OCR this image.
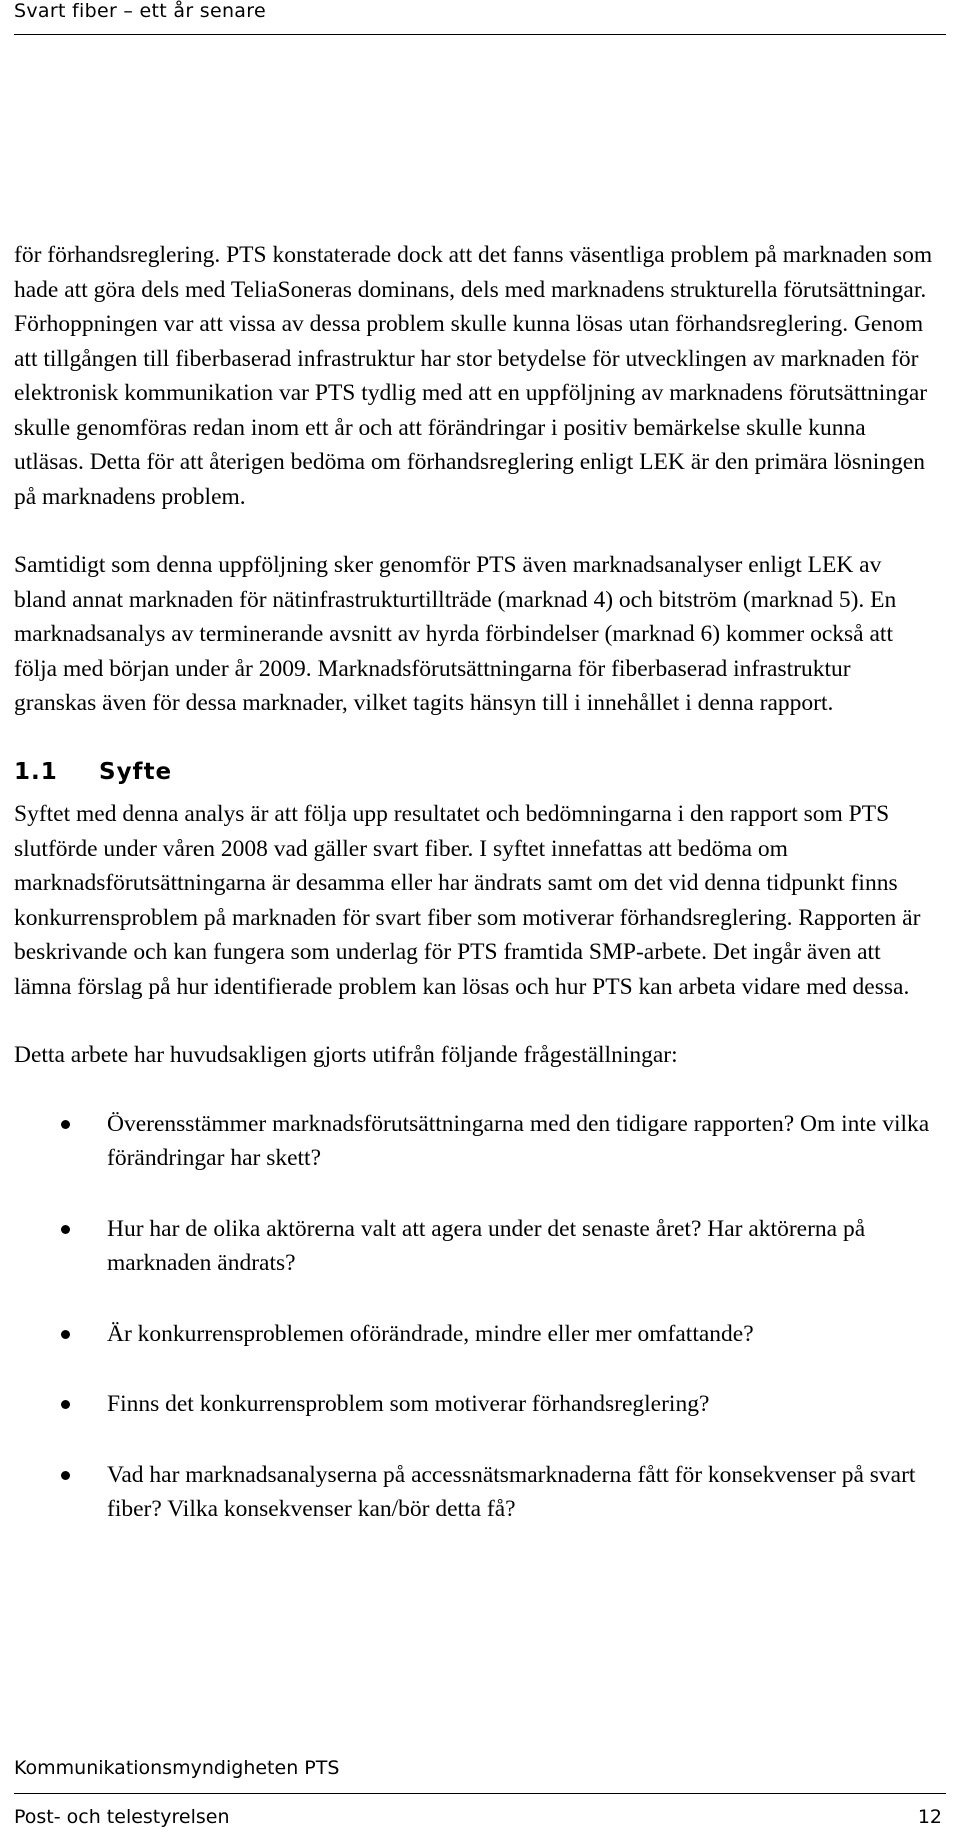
Svart fiber – ett år senare

för förhandsreglering. PTS konstaterade dock att det fanns väsentliga problem på marknaden som hade att göra dels med TeliaSoneras dominans, dels med marknadens strukturella förutsättningar. Förhoppningen var att vissa av dessa problem skulle kunna lösas utan förhandsreglering. Genom att tillgången till fiberbaserad infrastruktur har stor betydelse för utvecklingen av marknaden för elektronisk kommunikation var PTS tydlig med att en uppföljning av marknadens förutsättningar skulle genomföras redan inom ett år och att förändringar i positiv bemärkelse skulle kunna utläsas. Detta för att återigen bedöma om förhandsreglering enligt LEK är den primära lösningen på marknadens problem.

Samtidigt som denna uppföljning sker genomför PTS även marknadsanalyser enligt LEK av bland annat marknaden för nätinfrastrukturtillträde (marknad 4) och bitström (marknad 5). En marknadsanalys av terminerande avsnitt av hyrda förbindelser (marknad 6) kommer också att följa med början under år 2009. Marknadsförutsättningarna för fiberbaserad infrastruktur granskas även för dessa marknader, vilket tagits hänsyn till i innehållet i denna rapport.

1.1 Syfte

Syftet med denna analys är att följa upp resultatet och bedömningarna i den rapport som PTS slutförde under våren 2008 vad gäller svart fiber. I syftet innefattas att bedöma om marknadsförutsättningarna är desamma eller har ändrats samt om det vid denna tidpunkt finns konkurrensproblem på marknaden för svart fiber som motiverar förhandsreglering. Rapporten är beskrivande och kan fungera som underlag för PTS framtida SMP-arbete. Det ingår även att lämna förslag på hur identifierade problem kan lösas och hur PTS kan arbeta vidare med dessa.

Detta arbete har huvudsakligen gjorts utifrån följande frågeställningar:

Överensstämmer marknadsförutsättningarna med den tidigare rapporten? Om inte vilka förändringar har skett?
Hur har de olika aktörerna valt att agera under det senaste året? Har aktörerna på marknaden ändrats?
Är konkurrensproblemen oförändrade, mindre eller mer omfattande?
Finns det konkurrensproblem som motiverar förhandsreglering?
Vad har marknadsanalyserna på accessnätsmarknaderna fått för konsekvenser på svart fiber? Vilka konsekvenser kan/bör detta få?
Kommunikationsmyndigheten PTS
Post- och telestyrelsen	12
